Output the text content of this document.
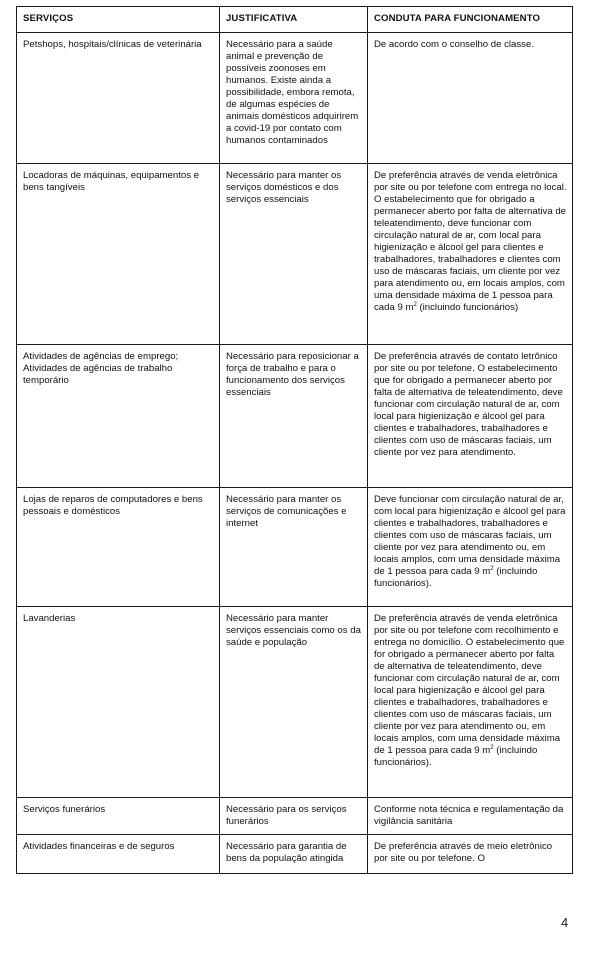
SERVIÇOS	JUSTIFICATIVA	CONDUTA PARA FUNCIONAMENTO
Petshops, hospitais/clínicas de veterinária	Necessário para a saúde animal e prevenção de possíveis zoonoses em humanos. Existe ainda a possibilidade, embora remota, de algumas espécies de animais domésticos adquirirem a covid-19 por contato com humanos contaminados	De acordo com o conselho de classe.
Locadoras de máquinas, equipamentos e bens tangíveis	Necessário para manter os serviços domésticos e dos serviços essenciais	De preferência através de venda eletrônica por site ou por telefone com entrega no local. O estabelecimento que for obrigado a permanecer aberto por falta de alternativa de teleatendimento, deve funcionar com circulação natural de ar, com local para higienização e álcool gel para clientes e trabalhadores, trabalhadores e clientes com uso de máscaras faciais, um cliente por vez para atendimento ou, em locais amplos, com uma densidade máxima de 1 pessoa para cada 9 $m^2$ (incluindo funcionários)
Atividades de agências de emprego; Atividades de agências de trabalho temporário	Necessário para reposicionar a força de trabalho e para o funcionamento dos serviços essenciais	De preferência através de contato letrônico por site ou por telefone. O estabelecimento que for obrigado a permanecer aberto por falta de alternativa de teleatendimento, deve funcionar com circulação natural de ar, com local para higienização e álcool gel para clientes e trabalhadores, trabalhadores e clientes com uso de máscaras faciais, um cliente por vez para atendimento.
Lojas de reparos de computadores e bens pessoais e domésticos	Necessário para manter os serviços de comunicações e internet	Deve funcionar com circulação natural de ar, com local para higienização e álcool gel para clientes e trabalhadores, trabalhadores e clientes com uso de máscaras faciais, um cliente por vez para atendimento ou, em locais amplos, com uma densidade máxima de 1 pessoa para cada 9 $m^2$ (incluindo funcionários).
Lavanderias	Necessário para manter serviços essenciais como os da saúde e população	De preferência através de venda eletrônica por site ou por telefone com recolhimento e entrega no domicílio. O estabelecimento que for obrigado a permanecer aberto por falta de alternativa de teleatendimento, deve funcionar com circulação natural de ar, com local para higienização e álcool gel para clientes e trabalhadores, trabalhadores e clientes com uso de máscaras faciais, um cliente por vez para atendimento ou, em locais amplos, com uma densidade máxima de 1 pessoa para cada 9 $m^2$ (incluindo funcionários).
Serviços funerários	Necessário para os serviços funerários	Conforme nota técnica e regulamentação da vigilância sanitária
Atividades financeiras e de seguros	Necessário para garantia de bens da população atingida	De preferência através de meio eletrônico por site ou por telefone. O
4
